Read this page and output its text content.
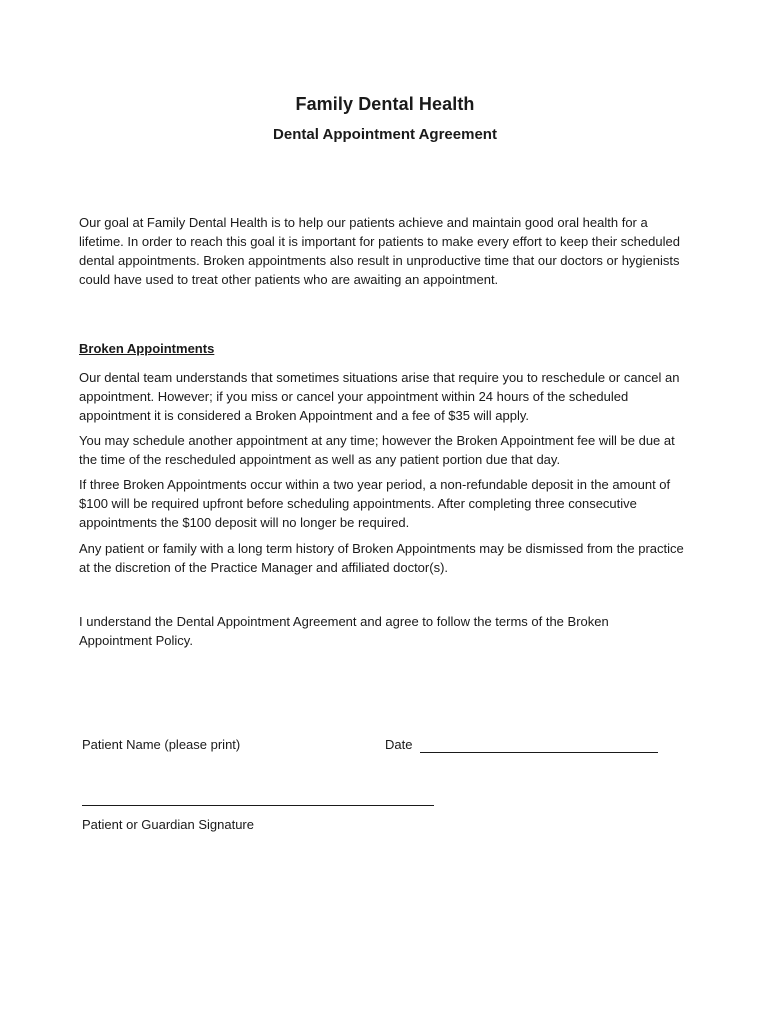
Family Dental Health
Dental Appointment Agreement

Our goal at Family Dental Health is to help our patients achieve and maintain good oral health for a lifetime. In order to reach this goal it is important for patients to make every effort to keep their scheduled dental appointments. Broken appointments also result in unproductive time that our doctors or hygienists could have used to treat other patients who are awaiting an appointment.

Broken Appointments

Our dental team understands that sometimes situations arise that require you to reschedule or cancel an appointment. However; if you miss or cancel your appointment within 24 hours of the scheduled appointment it is considered a Broken Appointment and a fee of $35 will apply.

You may schedule another appointment at any time; however the Broken Appointment fee will be due at the time of the rescheduled appointment as well as any patient portion due that day.

If three Broken Appointments occur within a two year period, a non-refundable deposit in the amount of $100 will be required upfront before scheduling appointments. After completing three consecutive appointments the $100 deposit will no longer be required.

Any patient or family with a long term history of Broken Appointments may be dismissed from the practice at the discretion of the Practice Manager and affiliated doctor(s).

I understand the Dental Appointment Agreement and agree to follow the terms of the Broken Appointment Policy.

Patient Name (please print)	Date

Patient or Guardian Signature
